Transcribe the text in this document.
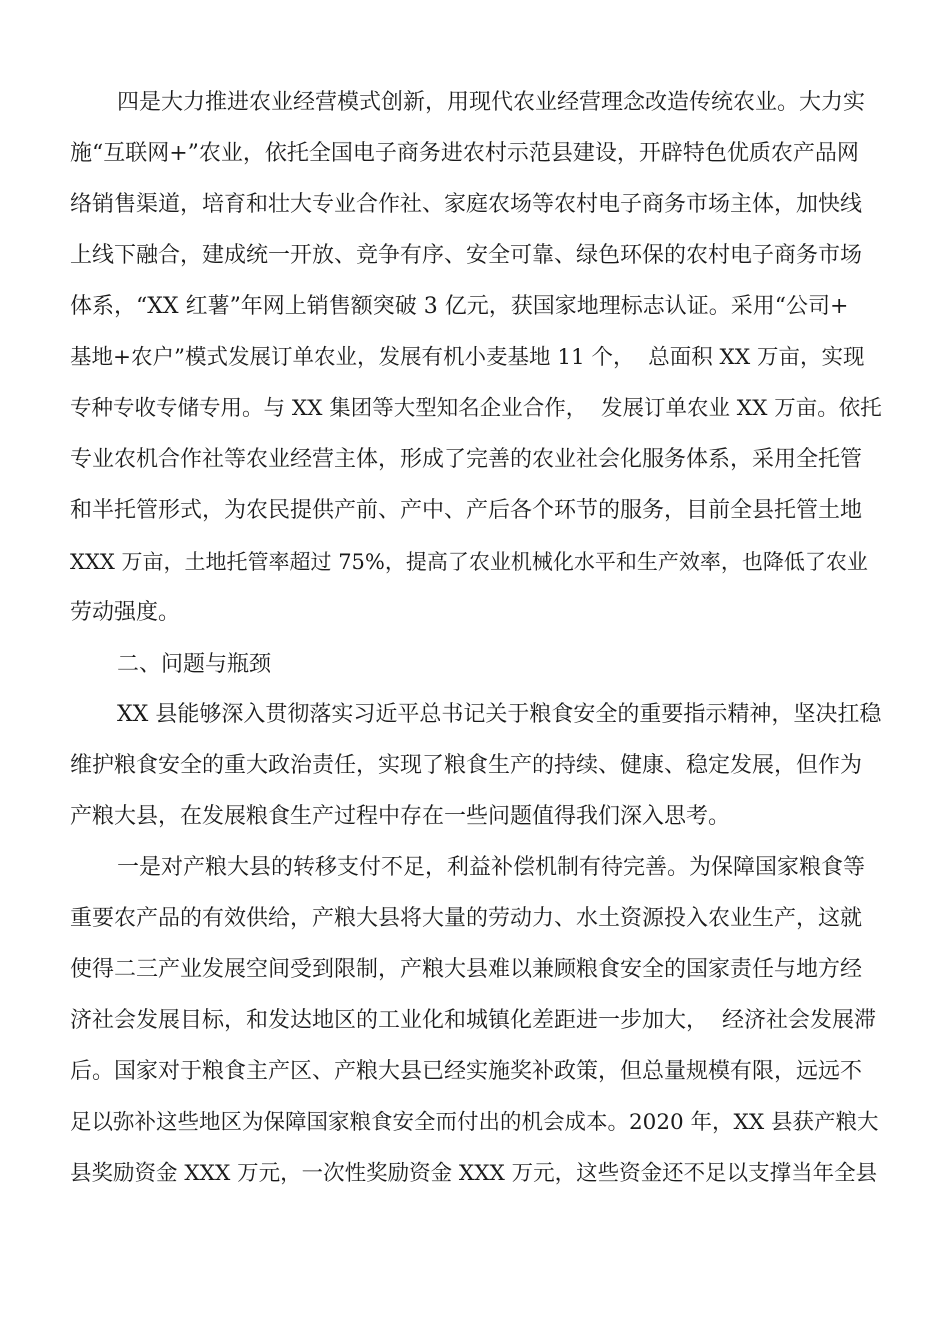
四是大力推进农业经营模式创新，用现代农业经营理念改造传统农业。大力实
施“互联网+”农业，依托全国电子商务进农村示范县建设，开辟特色优质农产品网
络销售渠道，培育和壮大专业合作社、家庭农场等农村电子商务市场主体，加快线
上线下融合，建成统一开放、竞争有序、安全可靠、绿色环保的农村电子商务市场
体系，“XX 红薯”年网上销售额突破 3 亿元，获国家地理标志认证。采用“公司+
基地+农户”模式发展订单农业，发展有机小麦基地 11 个，  总面积 XX 万亩，实现
专种专收专储专用。与 XX 集团等大型知名企业合作，  发展订单农业 XX 万亩。依托
专业农机合作社等农业经营主体，形成了完善的农业社会化服务体系，采用全托管
和半托管形式，为农民提供产前、产中、产后各个环节的服务，目前全县托管土地
XXX 万亩，土地托管率超过 75%，提高了农业机械化水平和生产效率，也降低了农业
劳动强度。
二、问题与瓶颈
XX 县能够深入贯彻落实习近平总书记关于粮食安全的重要指示精神，坚决扛稳
维护粮食安全的重大政治责任，实现了粮食生产的持续、健康、稳定发展，但作为
产粮大县，在发展粮食生产过程中存在一些问题值得我们深入思考。
一是对产粮大县的转移支付不足，利益补偿机制有待完善。为保障国家粮食等
重要农产品的有效供给，产粮大县将大量的劳动力、水土资源投入农业生产，这就
使得二三产业发展空间受到限制，产粮大县难以兼顾粮食安全的国家责任与地方经
济社会发展目标，和发达地区的工业化和城镇化差距进一步加大，  经济社会发展滞
后。国家对于粮食主产区、产粮大县已经实施奖补政策，但总量规模有限，远远不
足以弥补这些地区为保障国家粮食安全而付出的机会成本。2020 年，XX 县获产粮大
县奖励资金 XXX 万元，一次性奖励资金 XXX 万元，这些资金还不足以支撑当年全县
